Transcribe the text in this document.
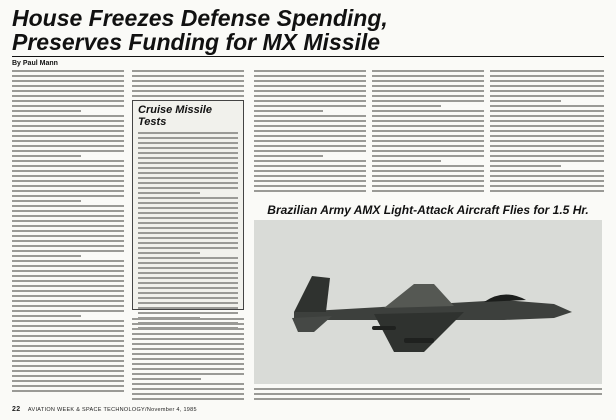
House Freezes Defense Spending,
Preserves Funding for MX Missile
By Paul Mann
Cruise Missile Tests
Brazilian Army AMX Light-Attack Aircraft Flies for 1.5 Hr.
22 AVIATION WEEK & SPACE TECHNOLOGY/November 4, 1985
